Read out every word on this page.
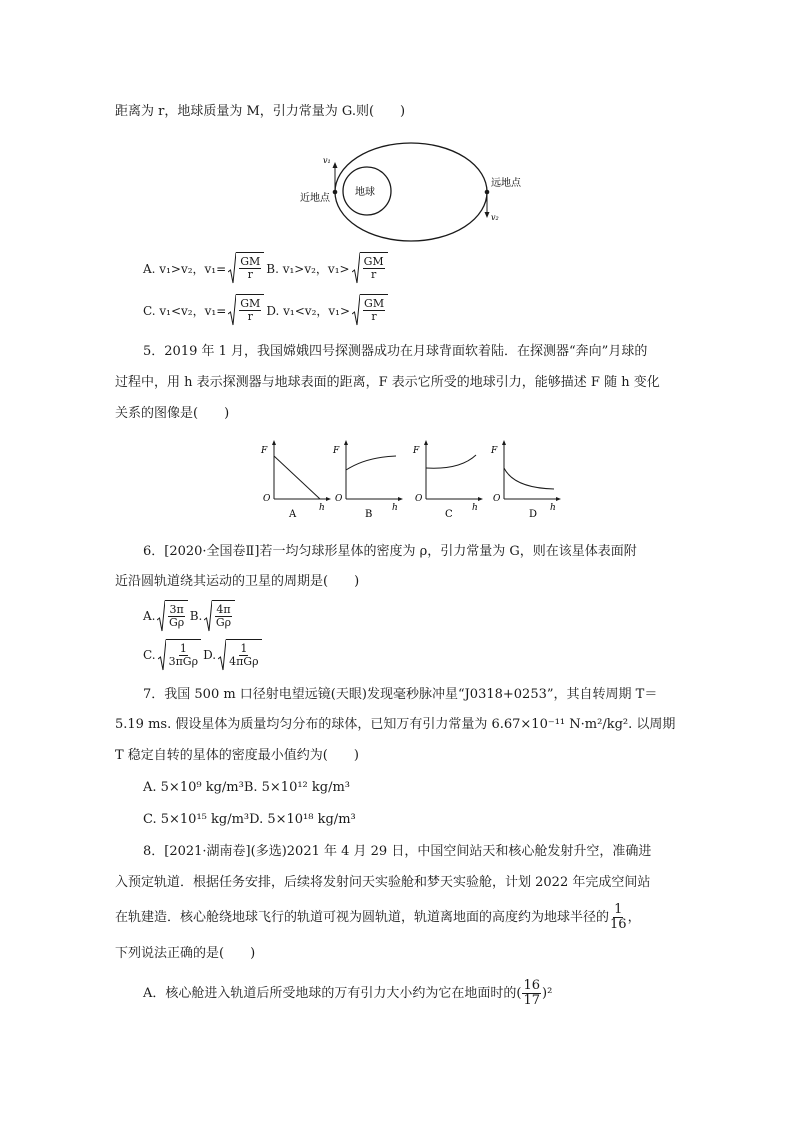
距离为 r，地球质量为 M，引力常量为 G.则(　　)
地球
v₁
v₂
近地点
远地点
A. v₁>v₂，$v_1= \frac{GM}{r} B$. v₁>v₂，$v_1> \frac{GM}{r}$
C. v₁<v₂，$v_1= \frac{GM}{r} D$. v₁<v₂，$v_1> \frac{GM}{r}$
5．2019 年 1 月，我国嫦娥四号探测器成功在月球背面软着陆．在探测器“奔向”月球的
过程中，用 h 表示探测器与地球表面的距离，F 表示它所受的地球引力，能够描述 F 随 h 变化
关系的图像是(　　)
F
O
h
A
F
O
h
B
F
O
h
C
F
O
h
D
6．[2020·全国卷Ⅱ]若一均匀球形星体的密度为 ρ，引力常量为 G，则在该星体表面附
近沿圆轨道绕其运动的卫星的周期是(　　)
A. $\frac{3\pi}{G\rho} B$. $\frac{4\pi}{G\rho}$
C. $\frac{1}{\text{3πGρ}} D$. $\frac{1}{\text{4πGρ}}$
7．我国 500 m 口径射电望远镜(天眼)发现毫秒脉冲星“J0318+0253”，其自转周期 T＝
5.19 ms. 假设星体为质量均匀分布的球体，已知万有引力常量为 6.67×10⁻¹¹ N·m²/kg². 以周期
T 稳定自转的星体的密度最小值约为(　　)
A. 5×10⁹ kg/m³B. 5×10¹² kg/m³
C. 5×10¹⁵ kg/m³D. 5×10¹⁸ kg/m³
8．[2021·湖南卷](多选)2021 年 4 月 29 日，中国空间站天和核心舱发射升空，准确进
入预定轨道．根据任务安排，后续将发射问天实验舱和梦天实验舱，计划 2022 年完成空间站
在轨建造．核心舱绕地球飞行的轨道可视为圆轨道，轨道离地面的高度约为地球半径的 $\frac{1}{16}$ ，
下列说法正确的是(　　)
A．核心舱进入轨道后所受地球的万有引力大小约为它在地面时的( $\frac{16}{17} )^2$
